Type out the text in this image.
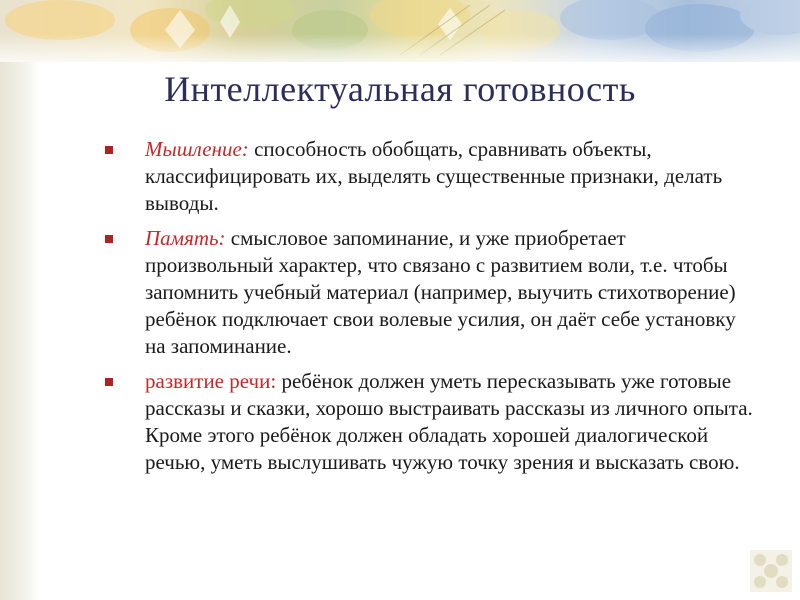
Интеллектуальная готовность
Мышление: способность обобщать, сравнивать объекты, классифицировать их, выделять существенные признаки, делать выводы.
Память: смысловое запоминание, и уже приобретает произвольный характер, что связано с развитием воли, т.е. чтобы запомнить учебный материал (например, выучить стихотворение) ребёнок подключает свои волевые усилия, он даёт себе установку на запоминание.
развитие речи: ребёнок должен уметь пересказывать уже готовые рассказы и сказки, хорошо выстраивать рассказы из личного опыта. Кроме этого ребёнок должен обладать хорошей диалогической речью, уметь выслушивать чужую точку зрения и высказать свою.
